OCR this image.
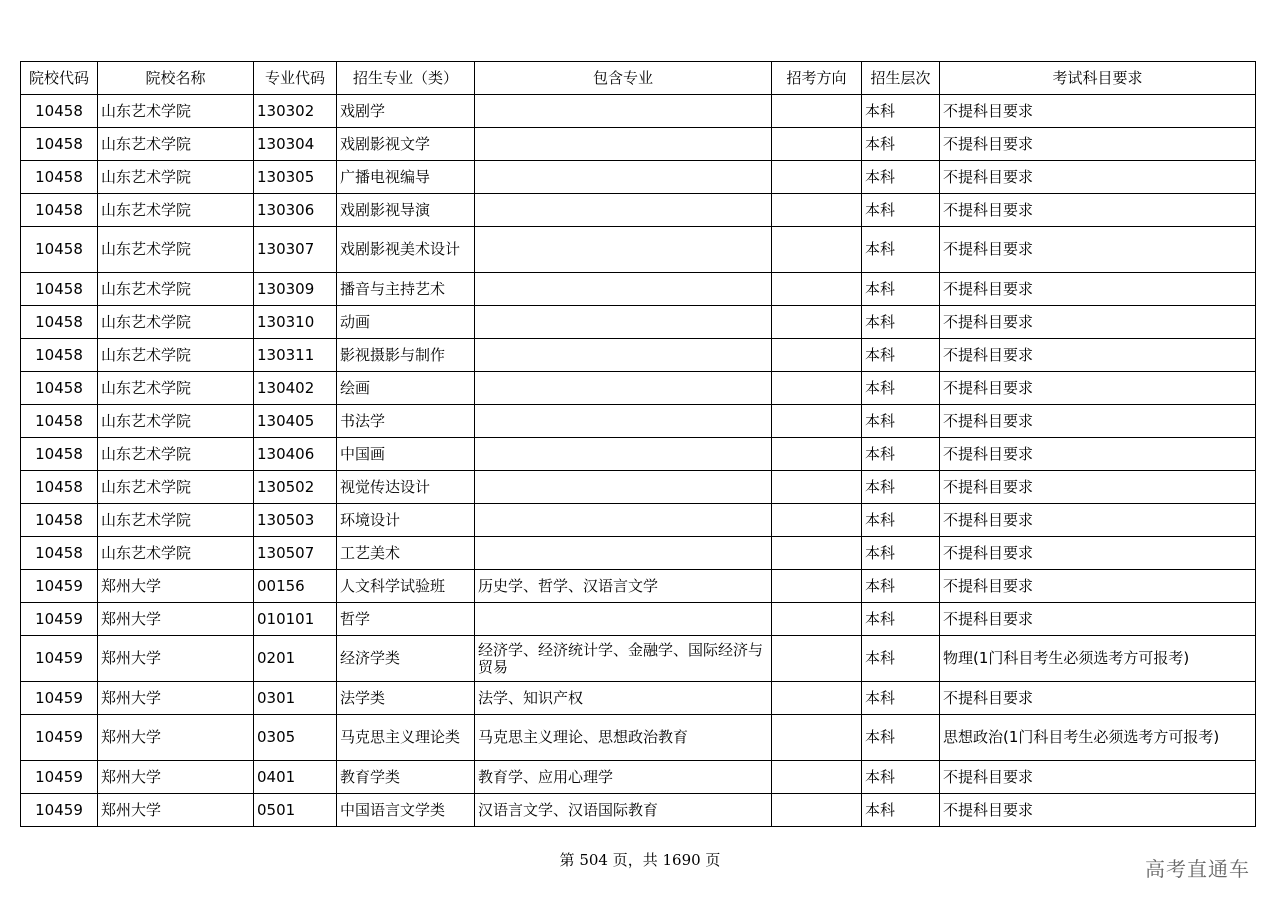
院校代码	院校名称	专业代码	招生专业（类）	包含专业	招考方向	招生层次	考试科目要求
10458	山东艺术学院	130302	戏剧学			本科	不提科目要求
10458	山东艺术学院	130304	戏剧影视文学			本科	不提科目要求
10458	山东艺术学院	130305	广播电视编导			本科	不提科目要求
10458	山东艺术学院	130306	戏剧影视导演			本科	不提科目要求
10458	山东艺术学院	130307	戏剧影视美术设计			本科	不提科目要求
10458	山东艺术学院	130309	播音与主持艺术			本科	不提科目要求
10458	山东艺术学院	130310	动画			本科	不提科目要求
10458	山东艺术学院	130311	影视摄影与制作			本科	不提科目要求
10458	山东艺术学院	130402	绘画			本科	不提科目要求
10458	山东艺术学院	130405	书法学			本科	不提科目要求
10458	山东艺术学院	130406	中国画			本科	不提科目要求
10458	山东艺术学院	130502	视觉传达设计			本科	不提科目要求
10458	山东艺术学院	130503	环境设计			本科	不提科目要求
10458	山东艺术学院	130507	工艺美术			本科	不提科目要求
10459	郑州大学	00156	人文科学试验班	历史学、哲学、汉语言文学		本科	不提科目要求
10459	郑州大学	010101	哲学			本科	不提科目要求
10459	郑州大学	0201	经济学类	经济学、经济统计学、金融学、国际经济与贸易		本科	物理(1门科目考生必须选考方可报考)
10459	郑州大学	0301	法学类	法学、知识产权		本科	不提科目要求
10459	郑州大学	0305	马克思主义理论类	马克思主义理论、思想政治教育		本科	思想政治(1门科目考生必须选考方可报考)
10459	郑州大学	0401	教育学类	教育学、应用心理学		本科	不提科目要求
10459	郑州大学	0501	中国语言文学类	汉语言文学、汉语国际教育		本科	不提科目要求
第 504 页，共 1690 页	高考直通车
